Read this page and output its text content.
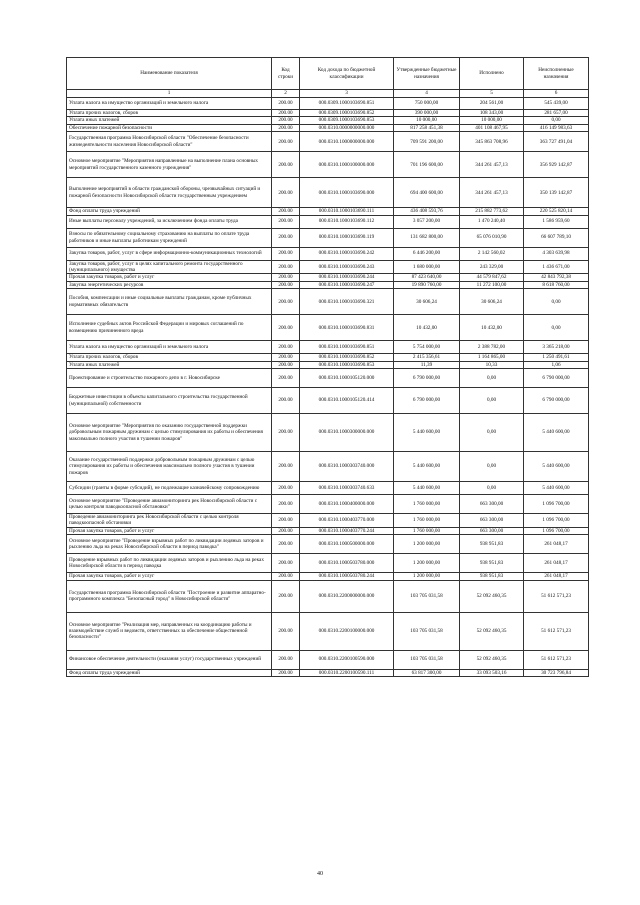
Наименование показателя	Код строки	Код дохода по бюджетной классификации	Утвержденные бюджетные назначения	Исполнено	Неисполненные назначения
1	2	3	4	5	6
Уплата налога на имущество организаций и земельного налога	200.00	000.0309.1000103690.851	750 000,00	204 561,00	545 439,00
Уплата прочих налогов, сборов	200.00	000.0309.1000103690.852	390 000,00	108 343,00	281 657,00
Уплата иных платежей	200.00	000.0309.1000103690.853	10 000,00	10 000,00	0,00
Обеспечение пожарной безопасности	200.00	000.0310.0000000000.000	817 258 451,38	401 108 467,95	416 149 983,63
Государственная программа Новосибирской области "Обеспечение безопасности жизнедеятельности населения Новосибирской области"	200.00	000.0310.1000000000.000	709 591 200,00	345 863 708,96	363 727 491,04
Основное мероприятие "Мероприятия направленные на выполнение плана основных мероприятий государственного казенного учреждения"	200.00	000.0310.1000100000.000	701 196 600,00	344 261 457,13	356 929 142,87
Выполнение мероприятий в области гражданской обороны, чрезвычайных ситуаций и пожарной безопасности Новосибирской области государственным учреждением	200.00	000.0310.1000103690.000	694 400 600,00	344 261 457,13	350 139 142,87
Фонд оплаты труда учреждений	200.00	000.0310.1000103690.111	436 408 593,76	215 882 773,62	220 525 820,14
Иные выплаты персоналу учреждений, за исключением фонда оплаты труда	200.00	000.0310.1000103690.112	3 057 200,00	1 470 240,40	1 586 959,60
Взносы по обязательному социальному страхованию на выплаты по оплате труда работников и иные выплаты работникам учреждений	200.00	000.0310.1000103690.119	131 682 800,00	65 076 010,90	66 607 789,10
Закупка товаров, работ, услуг в сфере информационно-коммуникационных технологий	200.00	000.0310.1000103690.242	6 446 200,00	2 142 560,02	4 303 639,98
Закупка товаров, работ, услуг в целях капитального ремонта государственного (муниципального) имущества	200.00	000.0310.1000103690.243	1 680 000,00	243 329,00	1 436 671,00
Прочая закупка товаров, работ и услуг	200.00	000.0310.1000103690.244	87 423 640,00	44 579 847,62	42 843 792,38
Закупка энергетических ресурсов	200.00	000.0310.1000103690.247	19 890 760,00	11 272 100,00	8 618 760,00
Пособия, компенсации и иные социальные выплаты гражданам, кроме публичных нормативных обязательств	200.00	000.0310.1000103690.321	30 606,24	30 606,24	0,00
Исполнение судебных актов Российской Федерации и мировых соглашений по возмещению причиненного вреда	200.00	000.0310.1000103690.831	10 432,00	10 432,00	0,00
Уплата налога на имущество организаций и земельного налога	200.00	000.0310.1000103690.851	5 754 000,00	2 388 782,00	3 365 218,00
Уплата прочих налогов, сборов	200.00	000.0310.1000103690.852	2 415 356,61	1 164 865,00	1 250 491,61
Уплата иных платежей	200.00	000.0310.1000103690.853	11,39	10,33	1,06
Проектирование и строительство пожарного депо в г. Новосибирске	200.00	000.0310.1000105120.000	6 790 000,00	0,00	6 790 000,00
Бюджетные инвестиции в объекты капитального строительства государственной (муниципальной) собственности	200.00	000.0310.1000105120.414	6 790 000,00	0,00	6 790 000,00
Основное мероприятие "Мероприятия по оказанию государственной поддержки добровольным пожарным дружинам с целью стимулирования их работы и обеспечения максимально полного участия в тушении пожаров"	200.00	000.0310.1000300000.000	5 440 600,00	0,00	5 440 600,00
Оказание государственной поддержки добровольным пожарным дружинам с целью стимулирования их работы и обеспечения максимально полного участия в тушении пожаров	200.00	000.0310.1000303740.000	5 440 600,00	0,00	5 440 600,00
Субсидии (гранты в форме субсидий), не подлежащие казначейскому сопровождению	200.00	000.0310.1000303740.633	5 440 600,00	0,00	5 440 600,00
Основное мероприятие "Проведение авиамониторинга рек Новосибирской области с целью контроля паводкоопасной обстановки"	200.00	000.0310.1000400000.000	1 760 000,00	663 300,00	1 096 700,00
Проведение авиамониторинга рек Новосибирской области с целью контроля паводкоопасной обстановки	200.00	000.0310.1000403770.000	1 760 000,00	663 300,00	1 096 700,00
Прочая закупка товаров, работ и услуг	200.00	000.0310.1000403770.244	1 760 000,00	663 300,00	1 096 700,00
Основное мероприятие "Проведение взрывных работ по ликвидации ледяных заторов и рыхлению льда на реках Новосибирской области в период паводка"	200.00	000.0310.1000500000.000	1 200 000,00	938 951,83	261 048,17
Проведение взрывных работ по ликвидации ледяных заторов и рыхлению льда на реках Новосибирской области в период паводка	200.00	000.0310.1000503780.000	1 200 000,00	938 951,83	261 048,17
Прочая закупка товаров, работ и услуг	200.00	000.0310.1000503780.244	1 200 000,00	938 951,83	261 048,17
Государственная программа Новосибирской области "Построение и развитие аппаратно-программного комплекса "Безопасный город" в Новосибирской области"	200.00	000.0310.2200000000.000	103 705 031,58	52 092 460,35	51 612 571,23
Основное мероприятие "Реализация мер, направленных на координацию работы и взаимодействие служб и ведомств, ответственных за обеспечение общественной безопасности"	200.00	000.0310.2200100000.000	103 705 031,58	52 092 460,35	51 612 571,23
Финансовое обеспечение деятельности (оказания услуг) государственных учреждений	200.00	000.0310.2200100590.000	103 705 031,58	52 092 460,35	51 612 571,23
Фонд оплаты труда учреждений	200.00	000.0310.2200100590.111	63 817 300,00	33 093 503,16	30 723 796,84
40
